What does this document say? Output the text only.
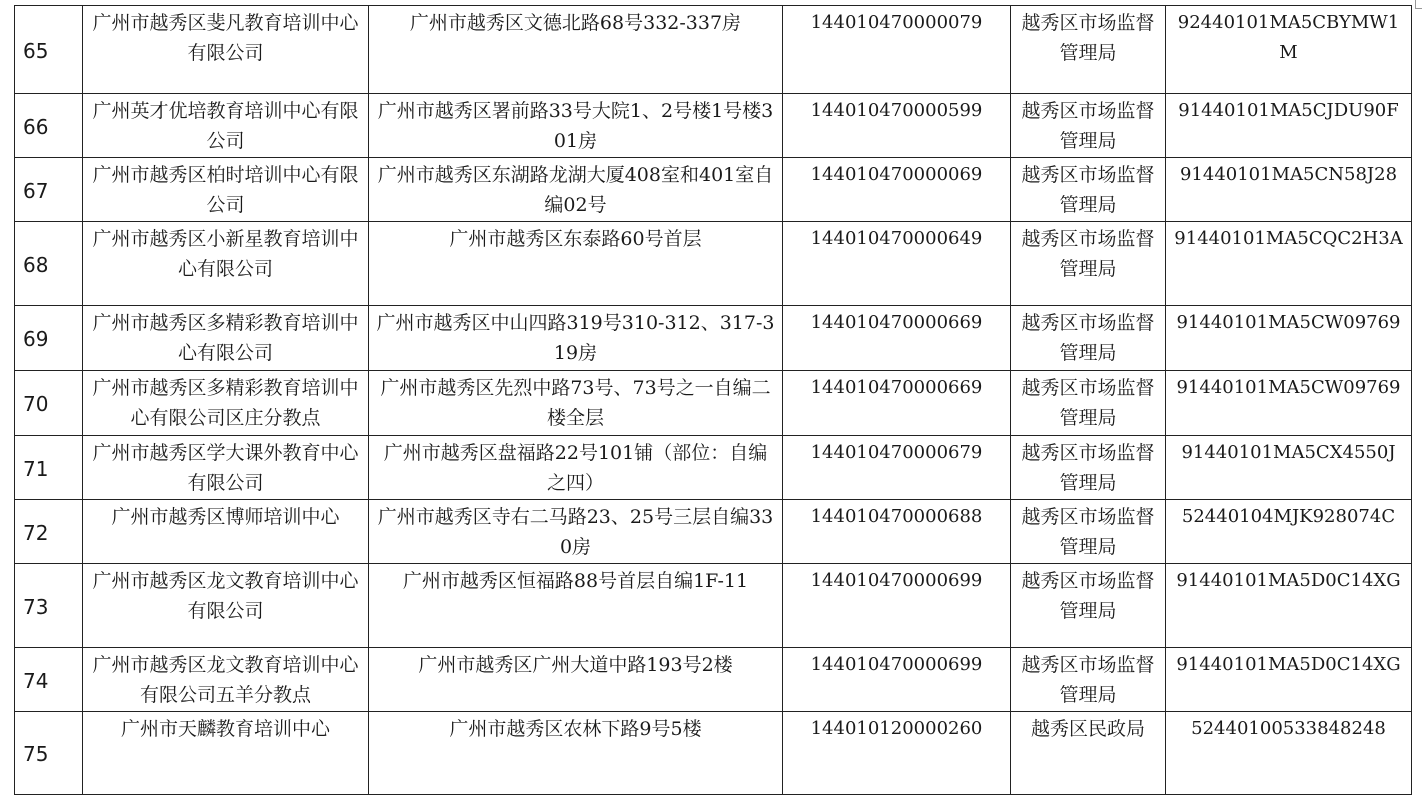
65	广州市越秀区斐凡教育培训中心有限公司	广州市越秀区文德北路68号332-337房	144010470000079	越秀区市场监督管理局	92440101MA5CBYMW1M
66	广州英才优培教育培训中心有限公司	广州市越秀区署前路33号大院1、2号楼1号楼301房	144010470000599	越秀区市场监督管理局	91440101MA5CJDU90F
67	广州市越秀区柏时培训中心有限公司	广州市越秀区东湖路龙湖大厦408室和401室自编02号	144010470000069	越秀区市场监督管理局	91440101MA5CN58J28
68	广州市越秀区小新星教育培训中心有限公司	广州市越秀区东泰路60号首层	144010470000649	越秀区市场监督管理局	91440101MA5CQC2H3A
69	广州市越秀区多精彩教育培训中心有限公司	广州市越秀区中山四路319号310-312、317-319房	144010470000669	越秀区市场监督管理局	91440101MA5CW09769
70	广州市越秀区多精彩教育培训中心有限公司区庄分教点	广州市越秀区先烈中路73号、73号之一自编二楼全层	144010470000669	越秀区市场监督管理局	91440101MA5CW09769
71	广州市越秀区学大课外教育中心有限公司	广州市越秀区盘福路22号101铺（部位：自编之四）	144010470000679	越秀区市场监督管理局	91440101MA5CX4550J
72	广州市越秀区博师培训中心	广州市越秀区寺右二马路23、25号三层自编330房	144010470000688	越秀区市场监督管理局	52440104MJK928074C
73	广州市越秀区龙文教育培训中心有限公司	广州市越秀区恒福路88号首层自编1F-11	144010470000699	越秀区市场监督管理局	91440101MA5D0C14XG
74	广州市越秀区龙文教育培训中心有限公司五羊分教点	广州市越秀区广州大道中路193号2楼	144010470000699	越秀区市场监督管理局	91440101MA5D0C14XG
75	广州市天麟教育培训中心	广州市越秀区农林下路9号5楼	144010120000260	越秀区民政局	52440100533848248
